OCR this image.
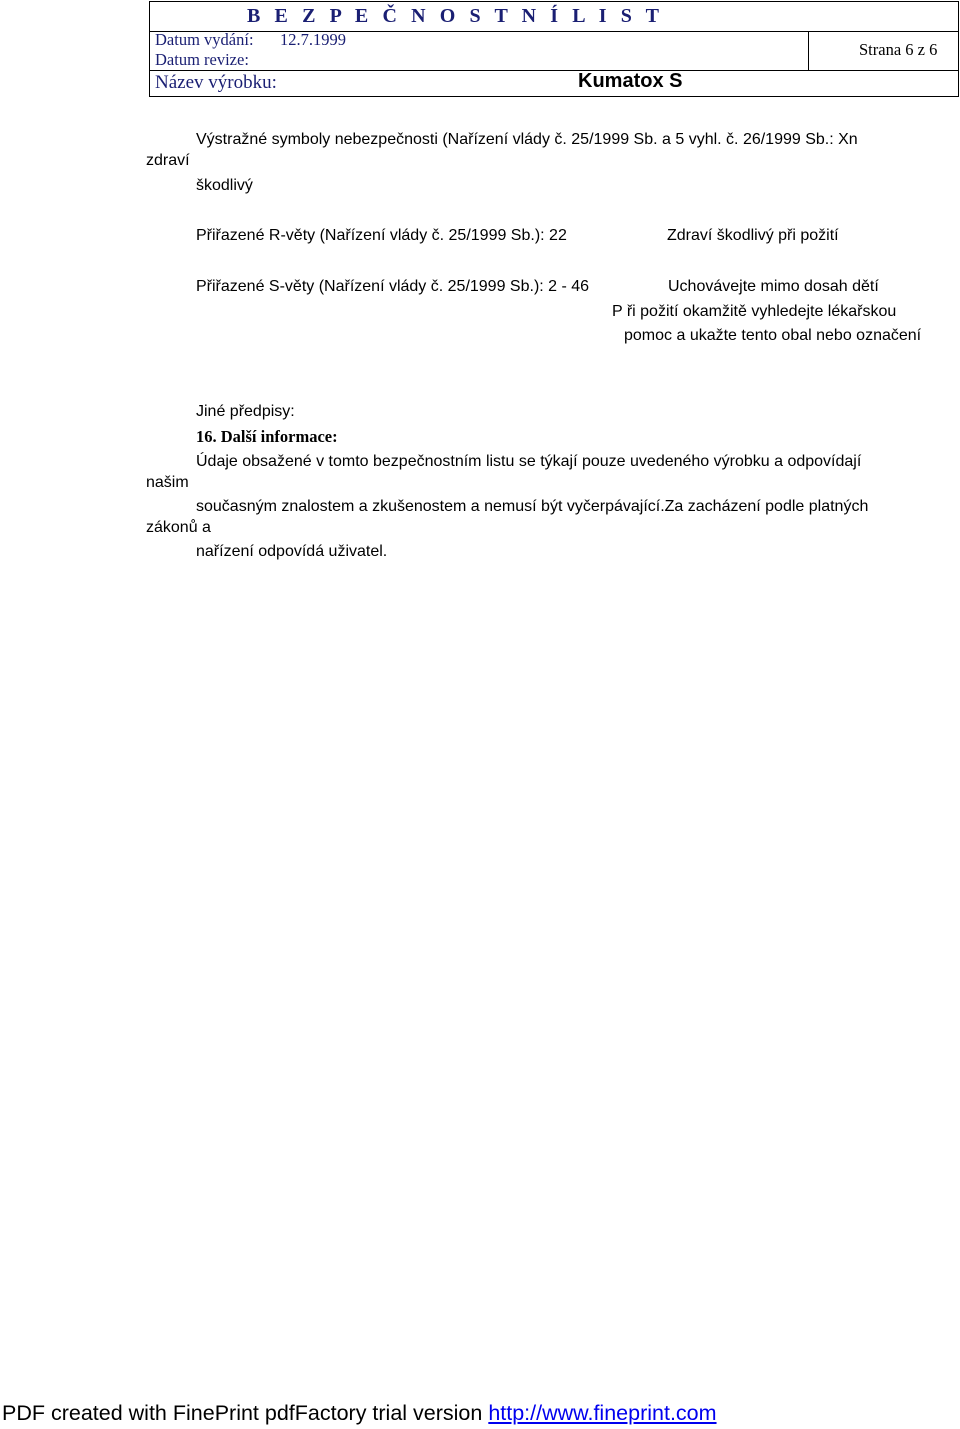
B E Z P E Č N O S T N Í L I S T
Datum vydání: 12.7.1999
Datum revize:
Strana 6 z 6
Název výrobku:	Kumatox S
Výstražné symboly nebezpečnosti (Nařízení vlády č. 25/1999 Sb. a 5 vyhl. č. 26/1999 Sb.: Xn
zdraví
škodlivý
Přiřazené R-věty (Nařízení vlády č. 25/1999 Sb.): 22	Zdraví škodlivý při požití
Přiřazené S-věty (Nařízení vlády č. 25/1999 Sb.): 2 - 46	Uchovávejte mimo dosah dětí
P ři požití okamžitě vyhledejte lékařskou
pomoc a ukažte tento obal nebo označení
Jiné předpisy:
16. Další informace:
Údaje obsažené v tomto bezpečnostním listu se týkají pouze uvedeného výrobku a odpovídají
našim
současným znalostem a zkušenostem a nemusí být vyčerpávající.Za zacházení podle platných
zákonů a
nařízení odpovídá uživatel.
PDF created with FinePrint pdfFactory trial version http://www.fineprint.com
